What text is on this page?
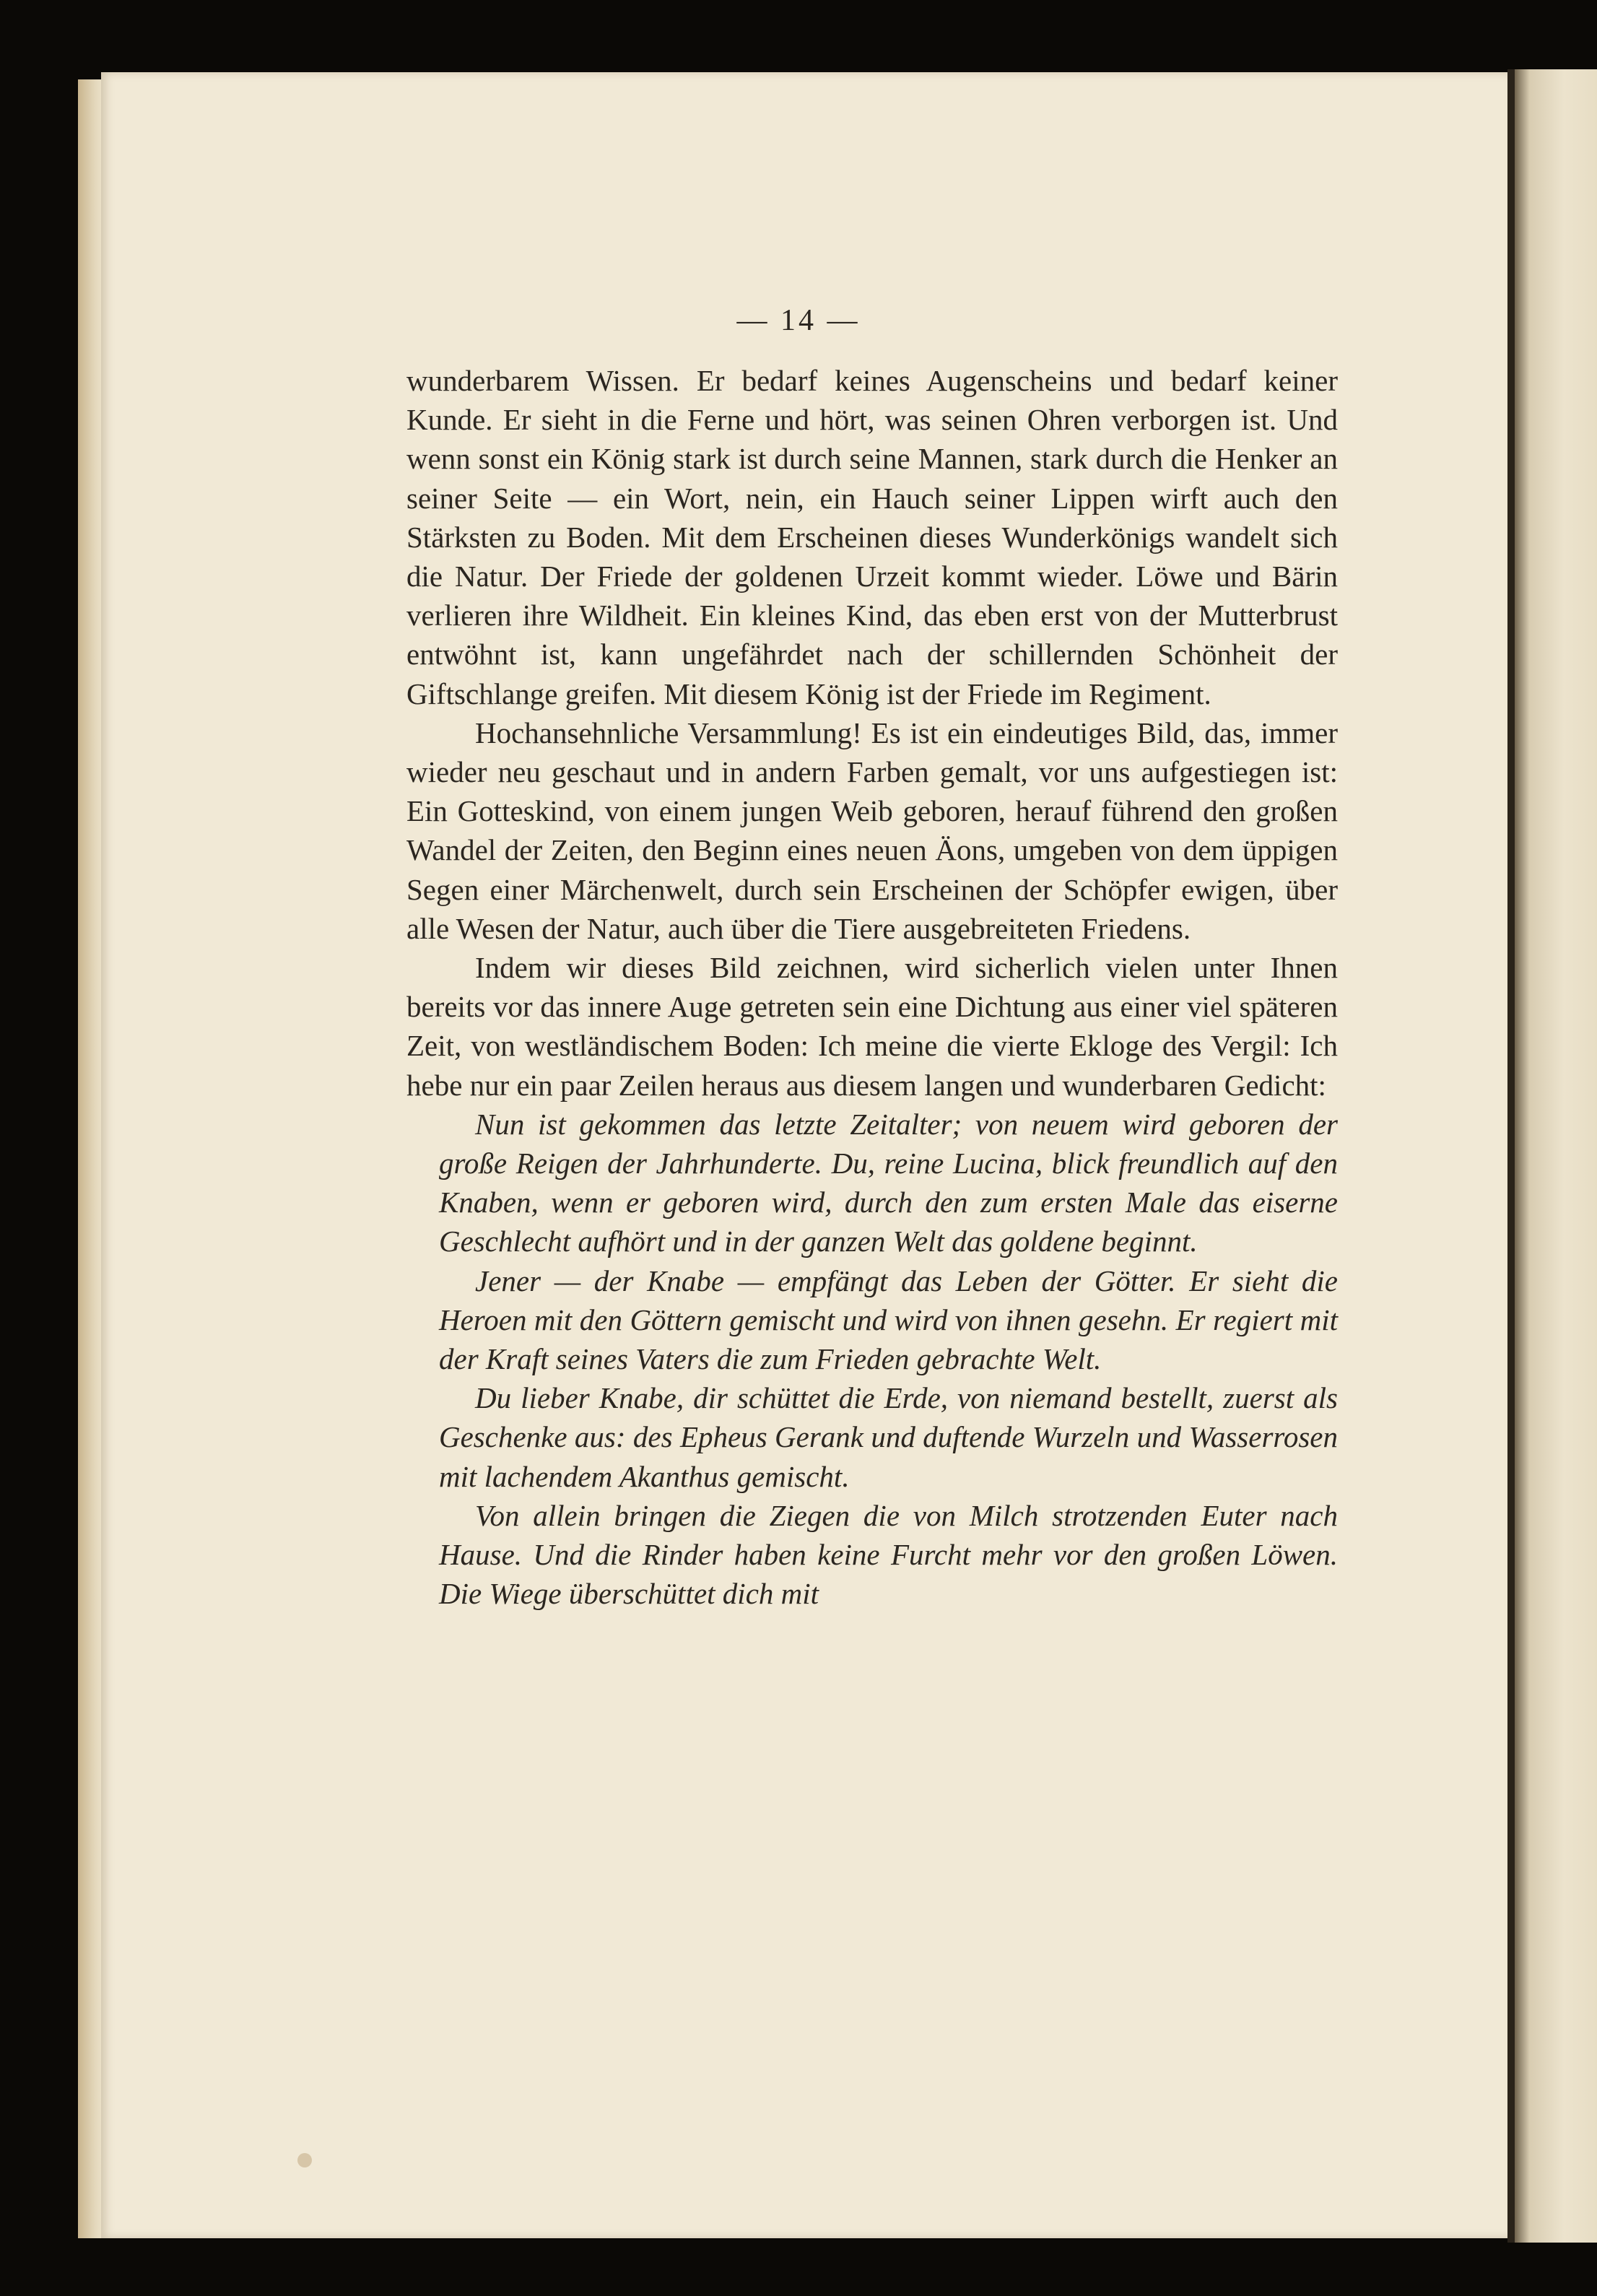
— 14 —

wunderbarem Wissen. Er bedarf keines Augenscheins und bedarf keiner Kunde. Er sieht in die Ferne und hört, was seinen Ohren verborgen ist. Und wenn sonst ein König stark ist durch seine Mannen, stark durch die Henker an seiner Seite — ein Wort, nein, ein Hauch seiner Lippen wirft auch den Stärksten zu Boden. Mit dem Erscheinen dieses Wunderkönigs wandelt sich die Natur. Der Friede der goldenen Urzeit kommt wieder. Löwe und Bärin verlieren ihre Wildheit. Ein kleines Kind, das eben erst von der Mutterbrust entwöhnt ist, kann ungefährdet nach der schillernden Schönheit der Giftschlange greifen. Mit diesem König ist der Friede im Regiment.

Hochansehnliche Versammlung! Es ist ein eindeutiges Bild, das, immer wieder neu geschaut und in andern Farben gemalt, vor uns aufgestiegen ist: Ein Gotteskind, von einem jungen Weib geboren, herauf führend den großen Wandel der Zeiten, den Beginn eines neuen Äons, umgeben von dem üppigen Segen einer Märchenwelt, durch sein Erscheinen der Schöpfer ewigen, über alle Wesen der Natur, auch über die Tiere ausgebreiteten Friedens.

Indem wir dieses Bild zeichnen, wird sicherlich vielen unter Ihnen bereits vor das innere Auge getreten sein eine Dichtung aus einer viel späteren Zeit, von westländischem Boden: Ich meine die vierte Ekloge des Vergil: Ich hebe nur ein paar Zeilen heraus aus diesem langen und wunderbaren Gedicht:

Nun ist gekommen das letzte Zeitalter; von neuem wird geboren der große Reigen der Jahrhunderte. Du, reine Lucina, blick freundlich auf den Knaben, wenn er geboren wird, durch den zum ersten Male das eiserne Geschlecht aufhört und in der ganzen Welt das goldene beginnt.

Jener — der Knabe — empfängt das Leben der Götter. Er sieht die Heroen mit den Göttern gemischt und wird von ihnen gesehn. Er regiert mit der Kraft seines Vaters die zum Frieden gebrachte Welt.

Du lieber Knabe, dir schüttet die Erde, von niemand bestellt, zuerst als Geschenke aus: des Epheus Gerank und duftende Wurzeln und Wasserrosen mit lachendem Akanthus gemischt.

Von allein bringen die Ziegen die von Milch strotzenden Euter nach Hause. Und die Rinder haben keine Furcht mehr vor den großen Löwen. Die Wiege überschüttet dich mit
